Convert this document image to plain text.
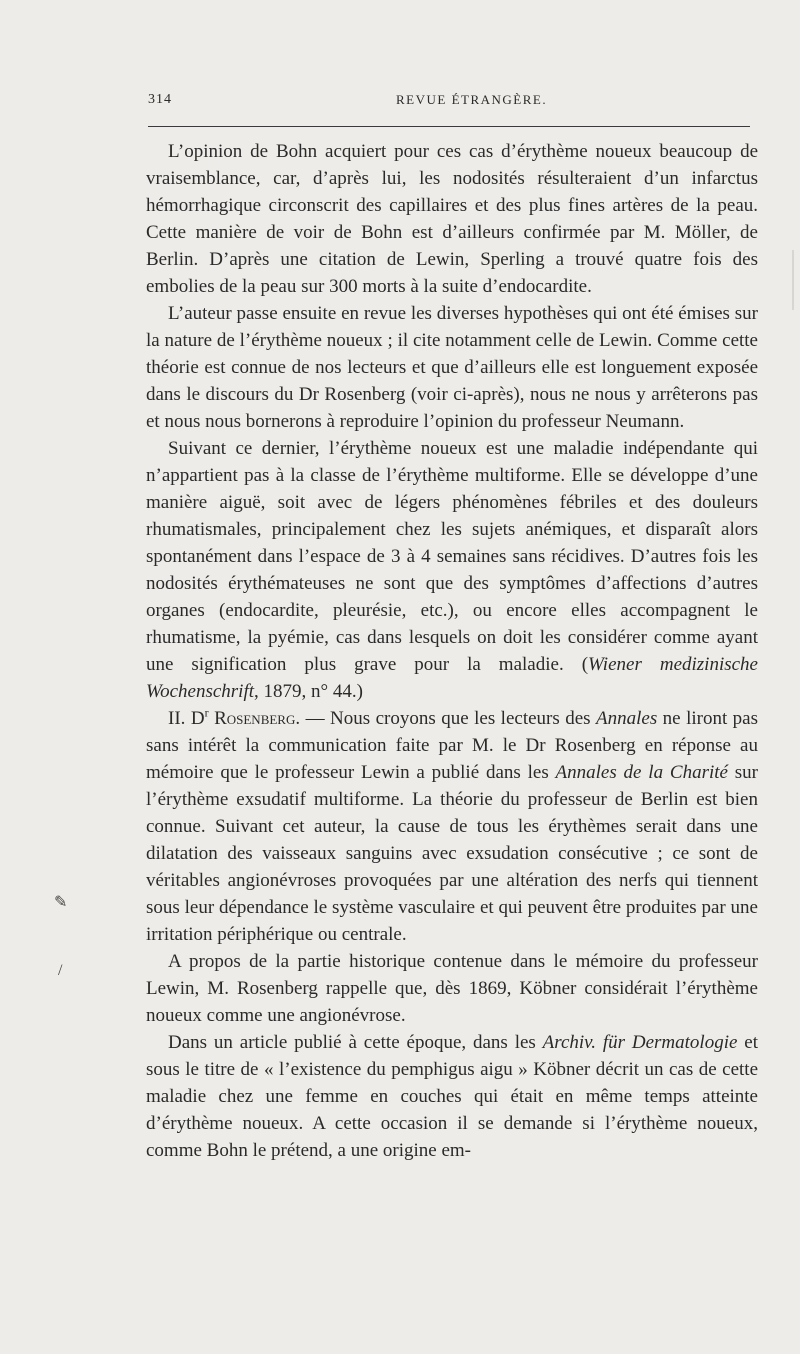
314	REVUE ÉTRANGÈRE.

L’opinion de Bohn acquiert pour ces cas d’érythème noueux beaucoup de vraisemblance, car, d’après lui, les nodosités résulteraient d’un infarctus hémorrhagique circonscrit des capillaires et des plus fines artères de la peau. Cette manière de voir de Bohn est d’ailleurs confirmée par M. Möller, de Berlin. D’après une citation de Lewin, Sperling a trouvé quatre fois des embolies de la peau sur 300 morts à la suite d’endocardite.

L’auteur passe ensuite en revue les diverses hypothèses qui ont été émises sur la nature de l’érythème noueux ; il cite notamment celle de Lewin. Comme cette théorie est connue de nos lecteurs et que d’ailleurs elle est longuement exposée dans le discours du Dr Rosenberg (voir ci-après), nous ne nous y arrêterons pas et nous nous bornerons à reproduire l’opinion du professeur Neumann.

Suivant ce dernier, l’érythème noueux est une maladie indépendante qui n’appartient pas à la classe de l’érythème multiforme. Elle se développe d’une manière aiguë, soit avec de légers phénomènes fébriles et des douleurs rhumatismales, principalement chez les sujets anémiques, et disparaît alors spontanément dans l’espace de 3 à 4 semaines sans récidives. D’autres fois les nodosités érythémateuses ne sont que des symptômes d’affections d’autres organes (endocardite, pleurésie, etc.), ou encore elles accompagnent le rhumatisme, la pyémie, cas dans lesquels on doit les considérer comme ayant une signification plus grave pour la maladie. (Wiener medizinische Wochenschrift, 1879, n° 44.)

II. $D^r$ Rosenberg. — Nous croyons que les lecteurs des Annales ne liront pas sans intérêt la communication faite par M. le Dr Rosenberg en réponse au mémoire que le professeur Lewin a publié dans les Annales de la Charité sur l’érythème exsudatif multiforme. La théorie du professeur de Berlin est bien connue. Suivant cet auteur, la cause de tous les érythèmes serait dans une dilatation des vaisseaux sanguins avec exsudation consécutive ; ce sont de véritables angionévroses provoquées par une altération des nerfs qui tiennent sous leur dépendance le système vasculaire et qui peuvent être produites par une irritation périphérique ou centrale.

A propos de la partie historique contenue dans le mémoire du professeur Lewin, M. Rosenberg rappelle que, dès 1869, Köbner considérait l’érythème noueux comme une angionévrose.

Dans un article publié à cette époque, dans les Archiv. für Dermatologie et sous le titre de « l’existence du pemphigus aigu » Köbner décrit un cas de cette maladie chez une femme en couches qui était en même temps atteinte d’érythème noueux. A cette occasion il se demande si l’érythème noueux, comme Bohn le prétend, a une origine em-

✎
/
